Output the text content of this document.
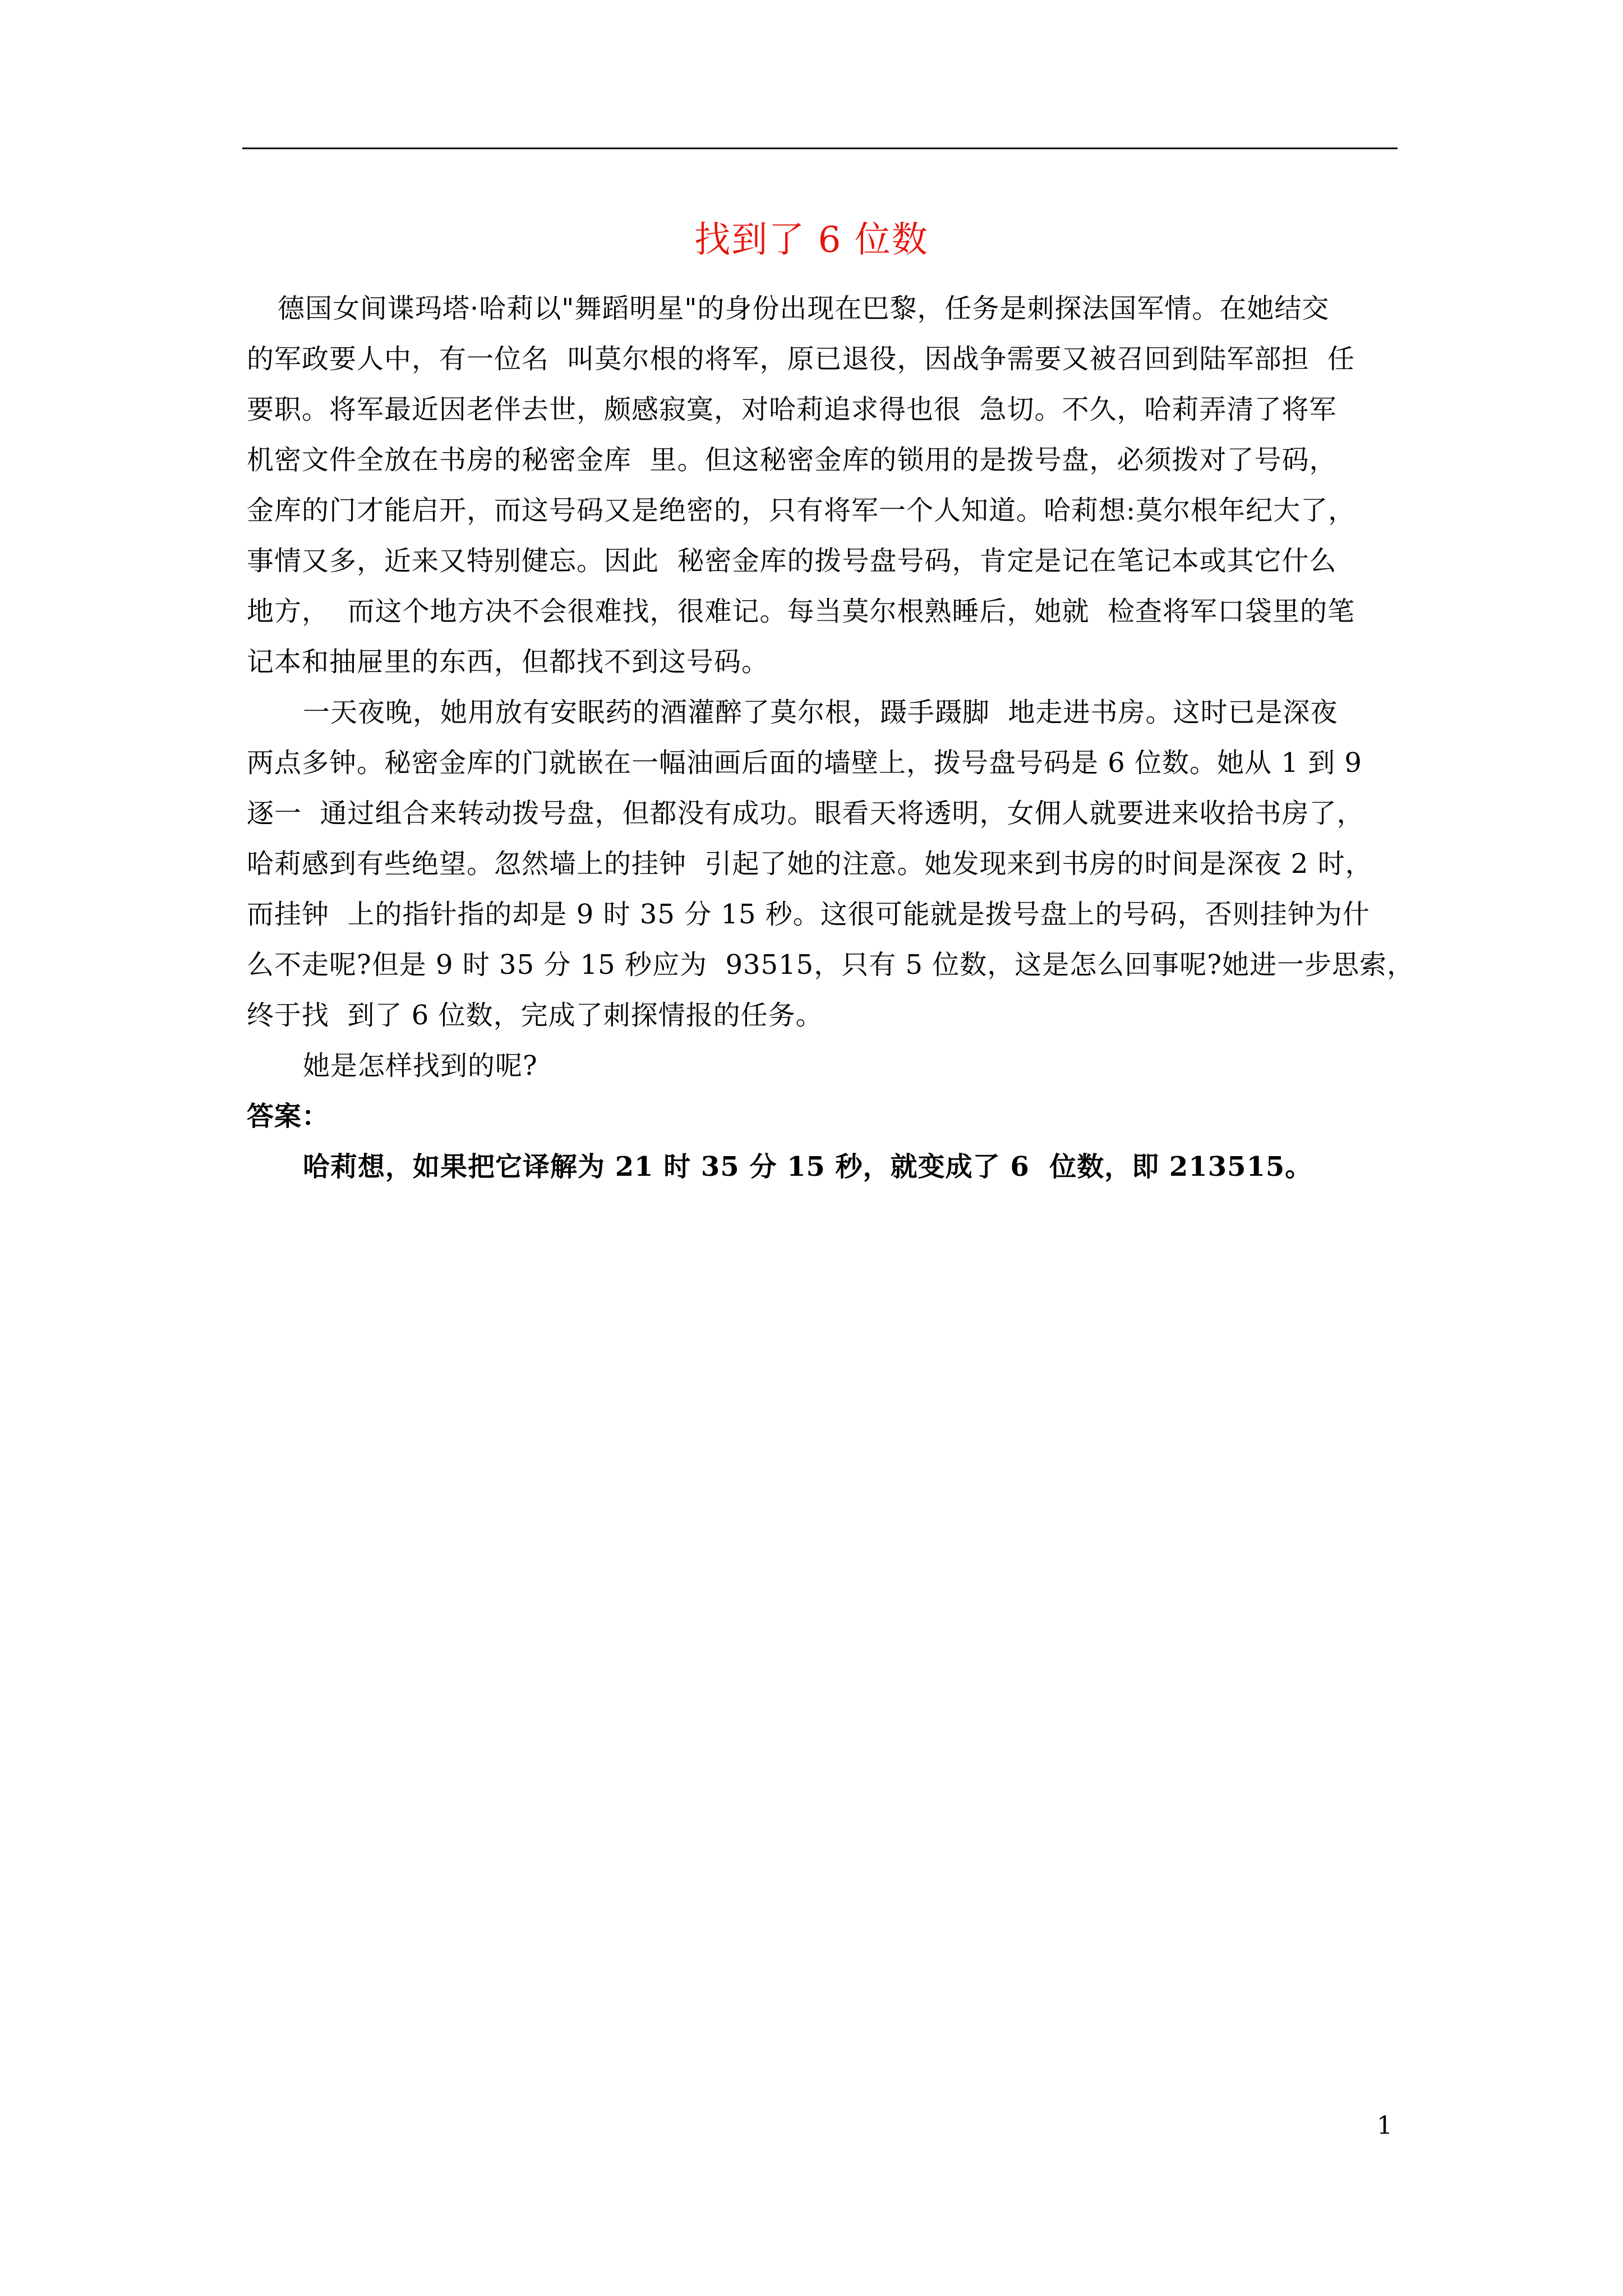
找到了 6 位数
德国女间谍玛塔·哈莉以"舞蹈明星"的身份出现在巴黎，任务是刺探法国军情。在她结交
的军政要人中，有一位名  叫莫尔根的将军，原已退役，因战争需要又被召回到陆军部担  任
要职。将军最近因老伴去世，颇感寂寞，对哈莉追求得也很  急切。不久，哈莉弄清了将军
机密文件全放在书房的秘密金库  里。但这秘密金库的锁用的是拨号盘，必须拨对了号码，
金库的门才能启开，而这号码又是绝密的，只有将军一个人知道。哈莉想:莫尔根年纪大了，
事情又多，近来又特别健忘。因此  秘密金库的拨号盘号码，肯定是记在笔记本或其它什么
地方，  而这个地方决不会很难找，很难记。每当莫尔根熟睡后，她就  检查将军口袋里的笔
记本和抽屉里的东西，但都找不到这号码。
一天夜晚，她用放有安眠药的酒灌醉了莫尔根，蹑手蹑脚  地走进书房。这时已是深夜
两点多钟。秘密金库的门就嵌在一幅油画后面的墙壁上，拨号盘号码是 6 位数。她从 1 到 9
逐一  通过组合来转动拨号盘，但都没有成功。眼看天将透明，女佣人就要进来收拾书房了，
哈莉感到有些绝望。忽然墙上的挂钟  引起了她的注意。她发现来到书房的时间是深夜 2 时，
而挂钟  上的指针指的却是 9 时 35 分 15 秒。这很可能就是拨号盘上的号码，否则挂钟为什
么不走呢?但是 9 时 35 分 15 秒应为  93515，只有 5 位数，这是怎么回事呢?她进一步思索，
终于找  到了 6 位数，完成了刺探情报的任务。
她是怎样找到的呢?
答案：
哈莉想，如果把它译解为 21 时 35 分 15 秒，就变成了 6  位数，即 213515。
1
